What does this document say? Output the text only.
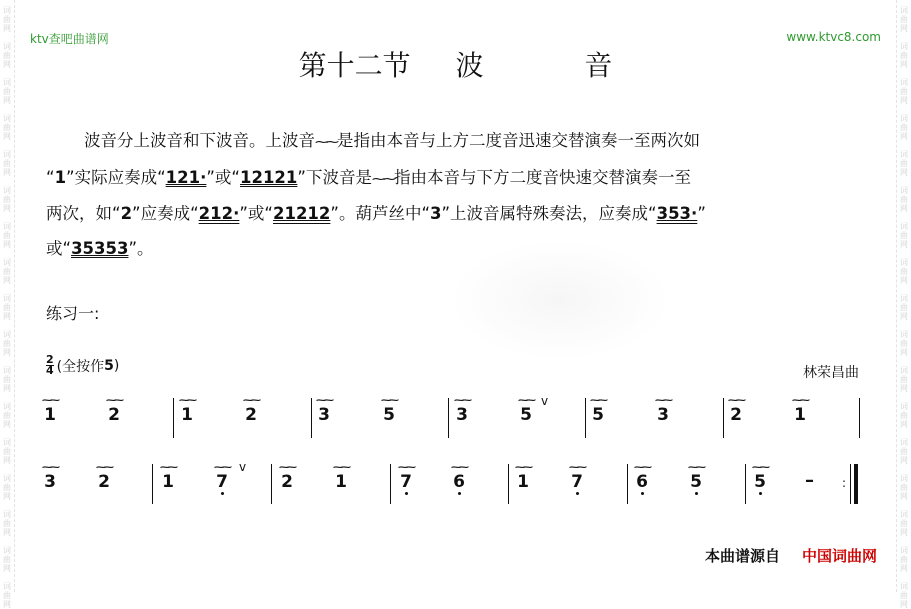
词
曲
网
词
曲
网
词
曲
网
词
曲
网
词
曲
网
词
曲
网
词
曲
网
词
曲
网
词
曲
网
词
曲
网
词
曲
网
词
曲
网
词
曲
网
词
曲
网
词
曲
网
词
曲
网
词
曲
网
词
曲
网
词
曲
网
词
曲
网
词
曲
网
词
曲
网
词
曲
网
词
曲
网
词
曲
网
词
曲
网
词
曲
网
词
曲
网
词
曲
网
词
曲
网
词
曲
网
词
曲
网
词
曲
网
词
曲
网
ktv查吧曲谱网	www.ktvc8.com
第十二节 波	音

波音分上波音和下波音。上波音⁓⁓是指由本音与上方二度音迅速交替演奏一至两次如

“1”实际应奏成“121·”或“12121”下波音是⁓⁓指由本音与下方二度音快速交替演奏一至

两次，如“2”应奏成“212·”或“21212”。葫芦丝中“3”上波音属特殊奏法，应奏成“353·”

或“35353”。

练习一:
$\frac{2}{4}$ (全按作 5 )	林荣昌曲
1
⁓⁓
2
⁓⁓
1
⁓⁓
2
⁓⁓
3
⁓⁓
5
⁓⁓
3
⁓⁓
5
⁓⁓
5
⁓⁓
3
⁓⁓
2
⁓⁓
1
⁓⁓
v
3
⁓⁓
2
⁓⁓
1
⁓⁓
7
⁓⁓
2
⁓⁓
1
⁓⁓
7
⁓⁓
6
⁓⁓
1
⁓⁓
7
⁓⁓
6
⁓⁓
5
⁓⁓
5
⁓⁓
v
– :
本曲谱源自 中国词曲网
